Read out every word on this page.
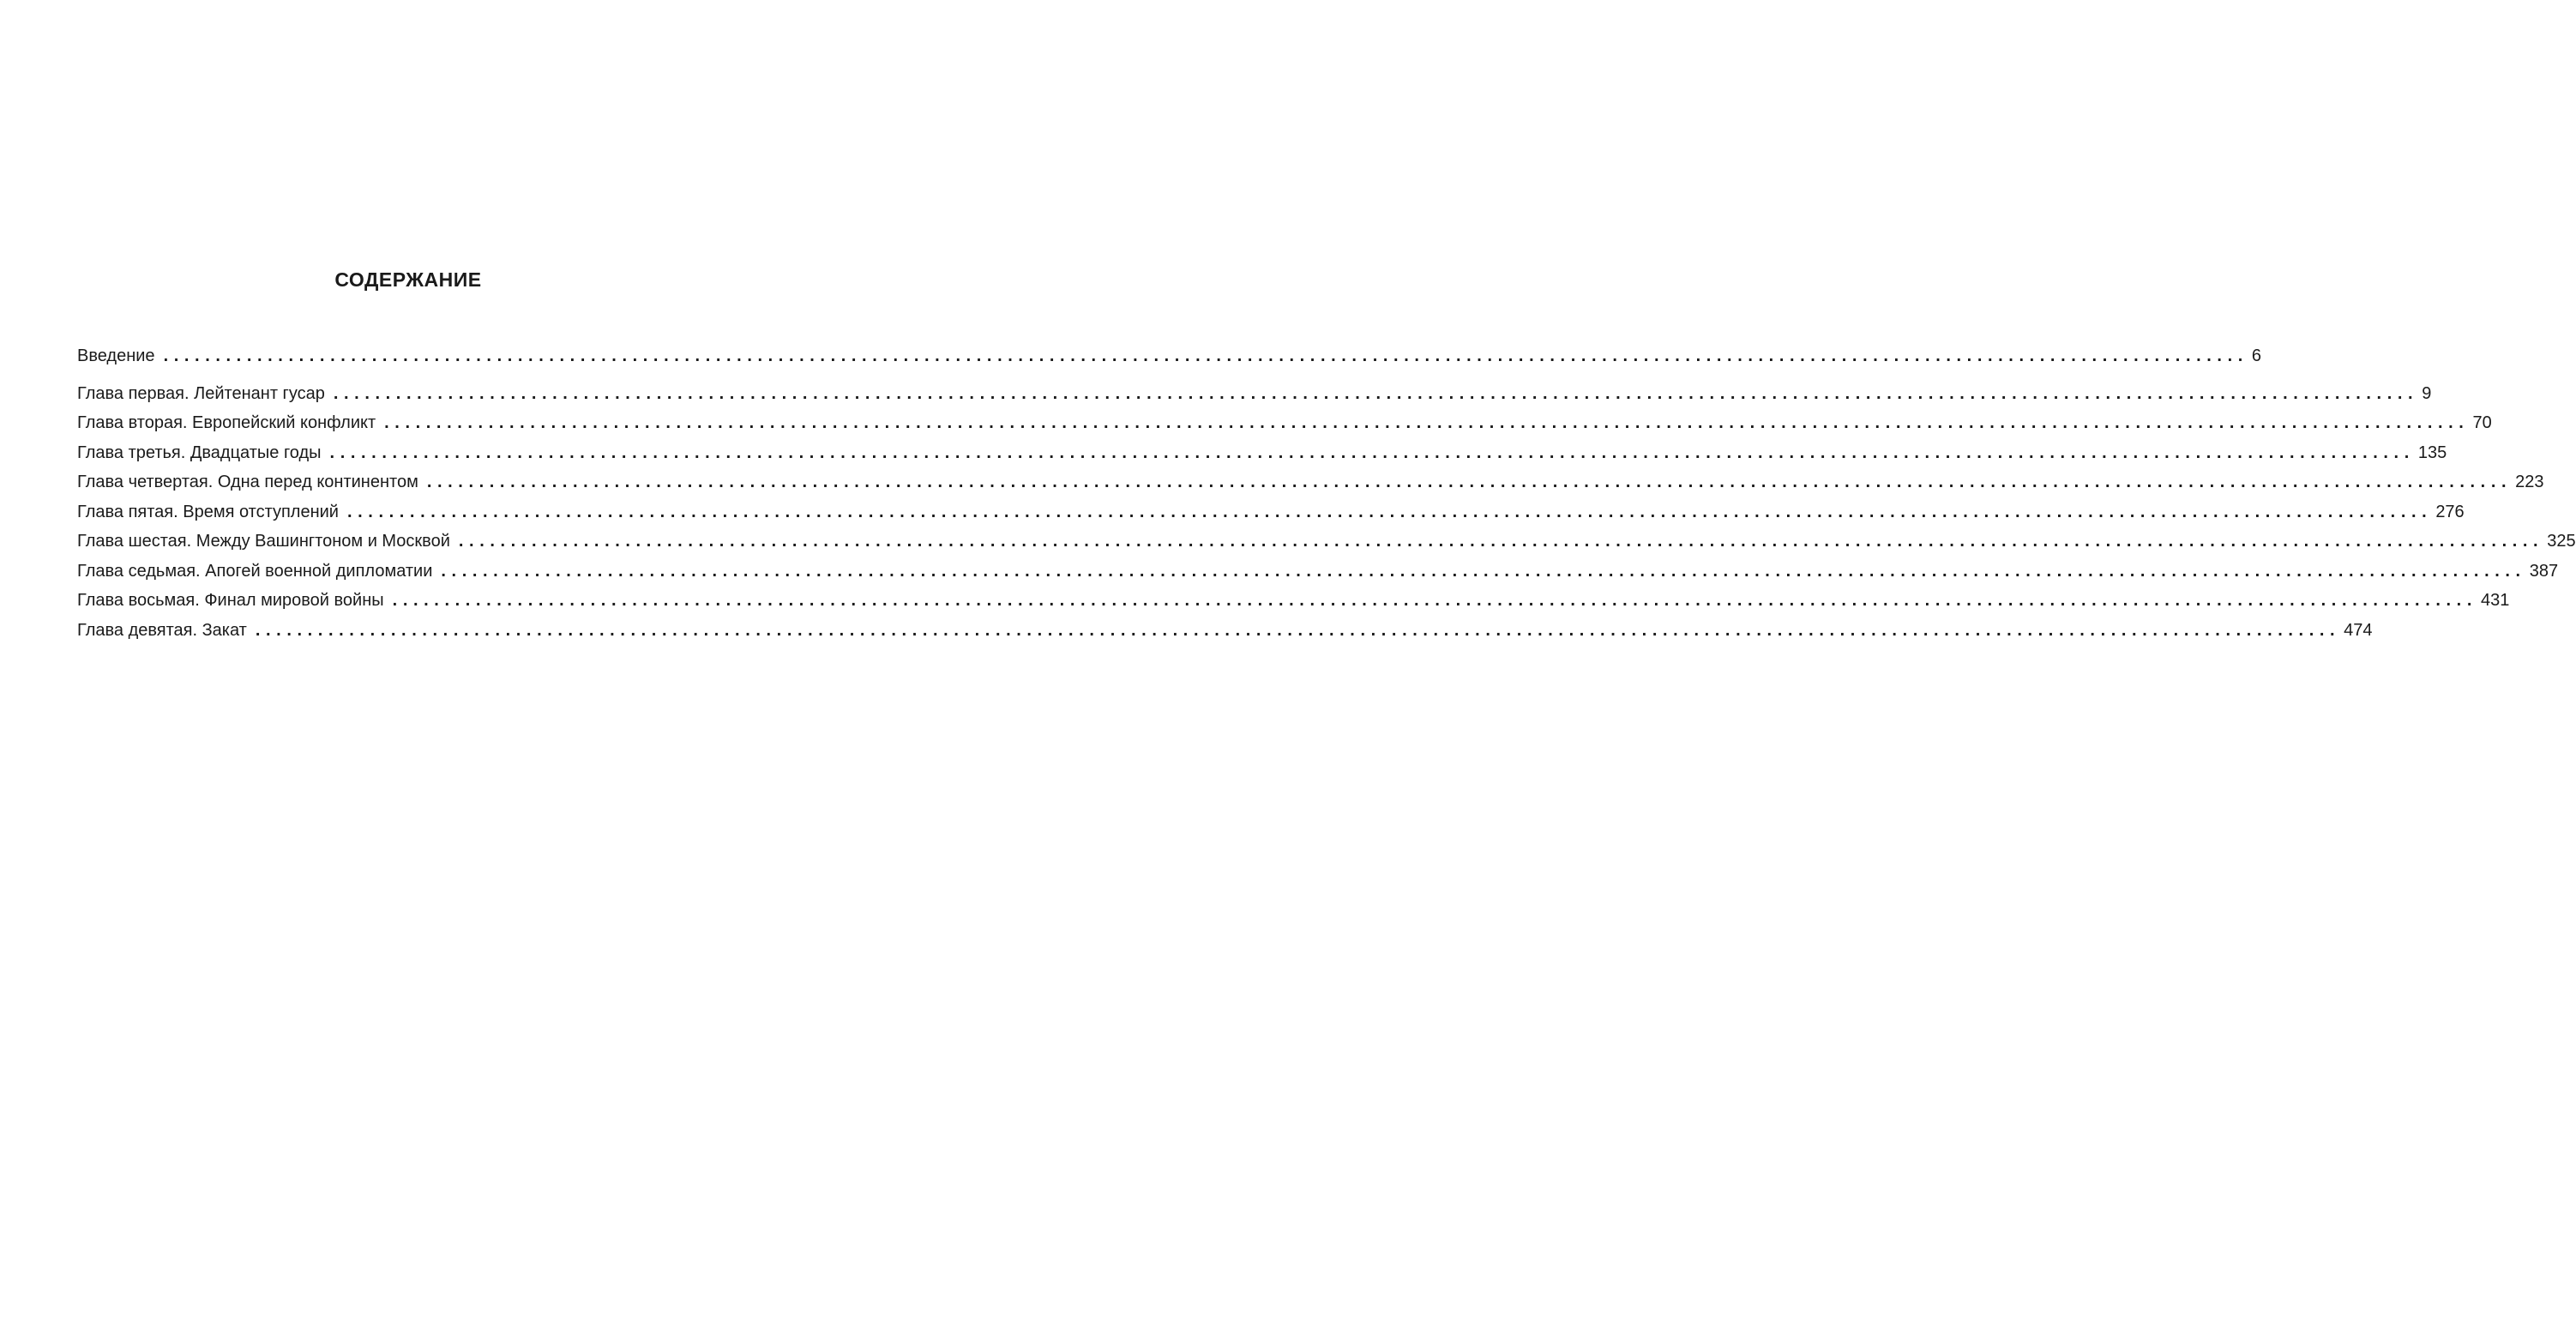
СОДЕРЖАНИЕ
Введение ........................................................................................................................................................................................................ 6
Глава первая. Лейтенант гусар ........................................................................................................................................................................................................ 9
Глава вторая. Европейский конфликт ........................................................................................................................................................................................................ 70
Глава третья. Двадцатые годы ........................................................................................................................................................................................................ 135
Глава четвертая. Одна перед континентом ........................................................................................................................................................................................................ 223
Глава пятая. Время отступлений ........................................................................................................................................................................................................ 276
Глава шестая. Между Вашингтоном и Москвой ........................................................................................................................................................................................................ 325
Глава седьмая. Апогей военной дипломатии ........................................................................................................................................................................................................ 387
Глава восьмая. Финал мировой войны ........................................................................................................................................................................................................ 431
Глава девятая. Закат ........................................................................................................................................................................................................ 474
